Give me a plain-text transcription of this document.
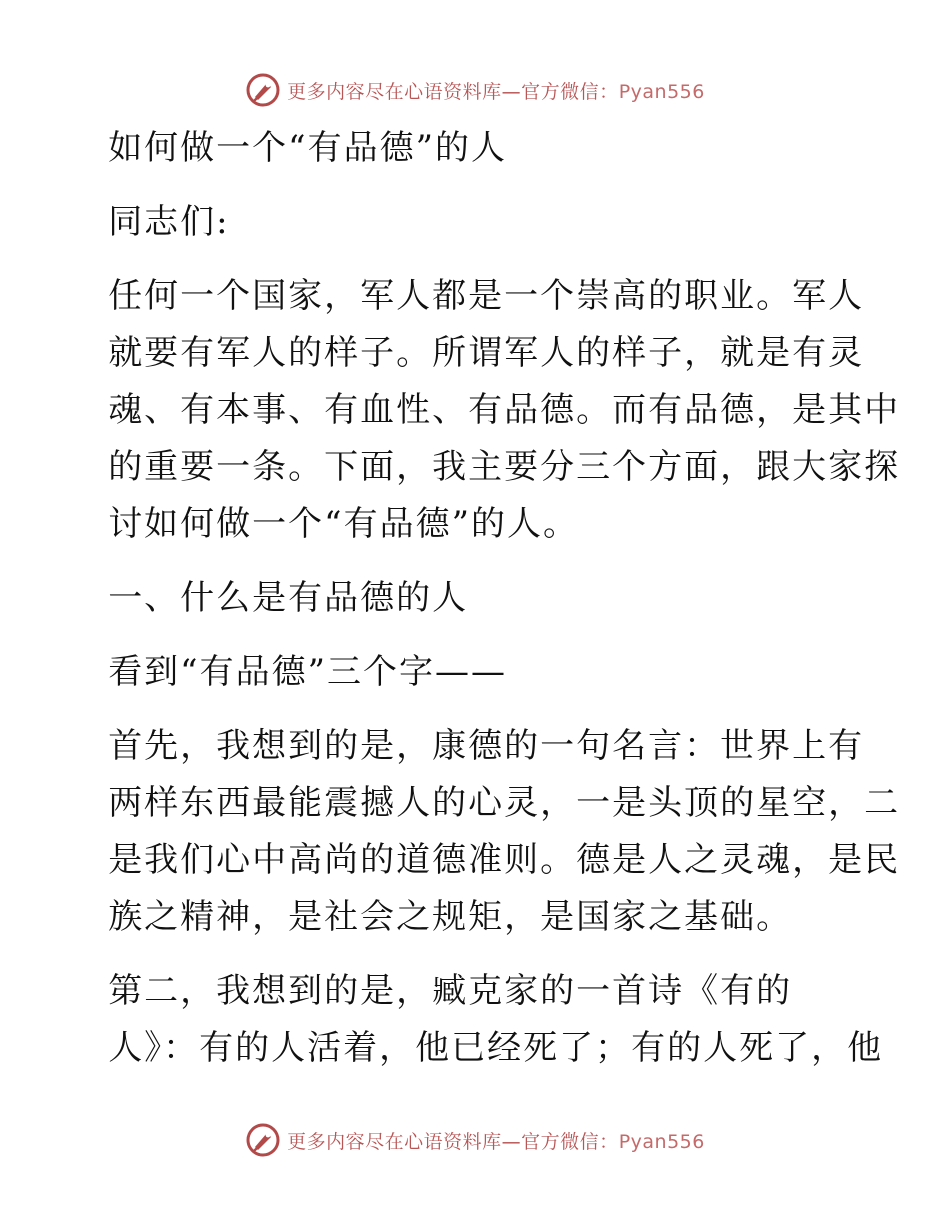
更多内容尽在心语资料库—官方微信：Pyan556

如何做一个“有品德”的人

同志们:

任何一个国家，军人都是一个崇高的职业。军人
就要有军人的样子。所谓军人的样子，就是有灵
魂、有本事、有血性、有品德。而有品德，是其中
的重要一条。下面，我主要分三个方面，跟大家探
讨如何做一个“有品德”的人。

一、什么是有品德的人

看到“有品德”三个字——

首先，我想到的是，康德的一句名言：世界上有
两样东西最能震撼人的心灵，一是头顶的星空，二
是我们心中高尚的道德准则。德是人之灵魂，是民
族之精神，是社会之规矩，是国家之基础。

第二，我想到的是，臧克家的一首诗《有的
人》：有的人活着，他已经死了；有的人死了，他

更多内容尽在心语资料库—官方微信：Pyan556
